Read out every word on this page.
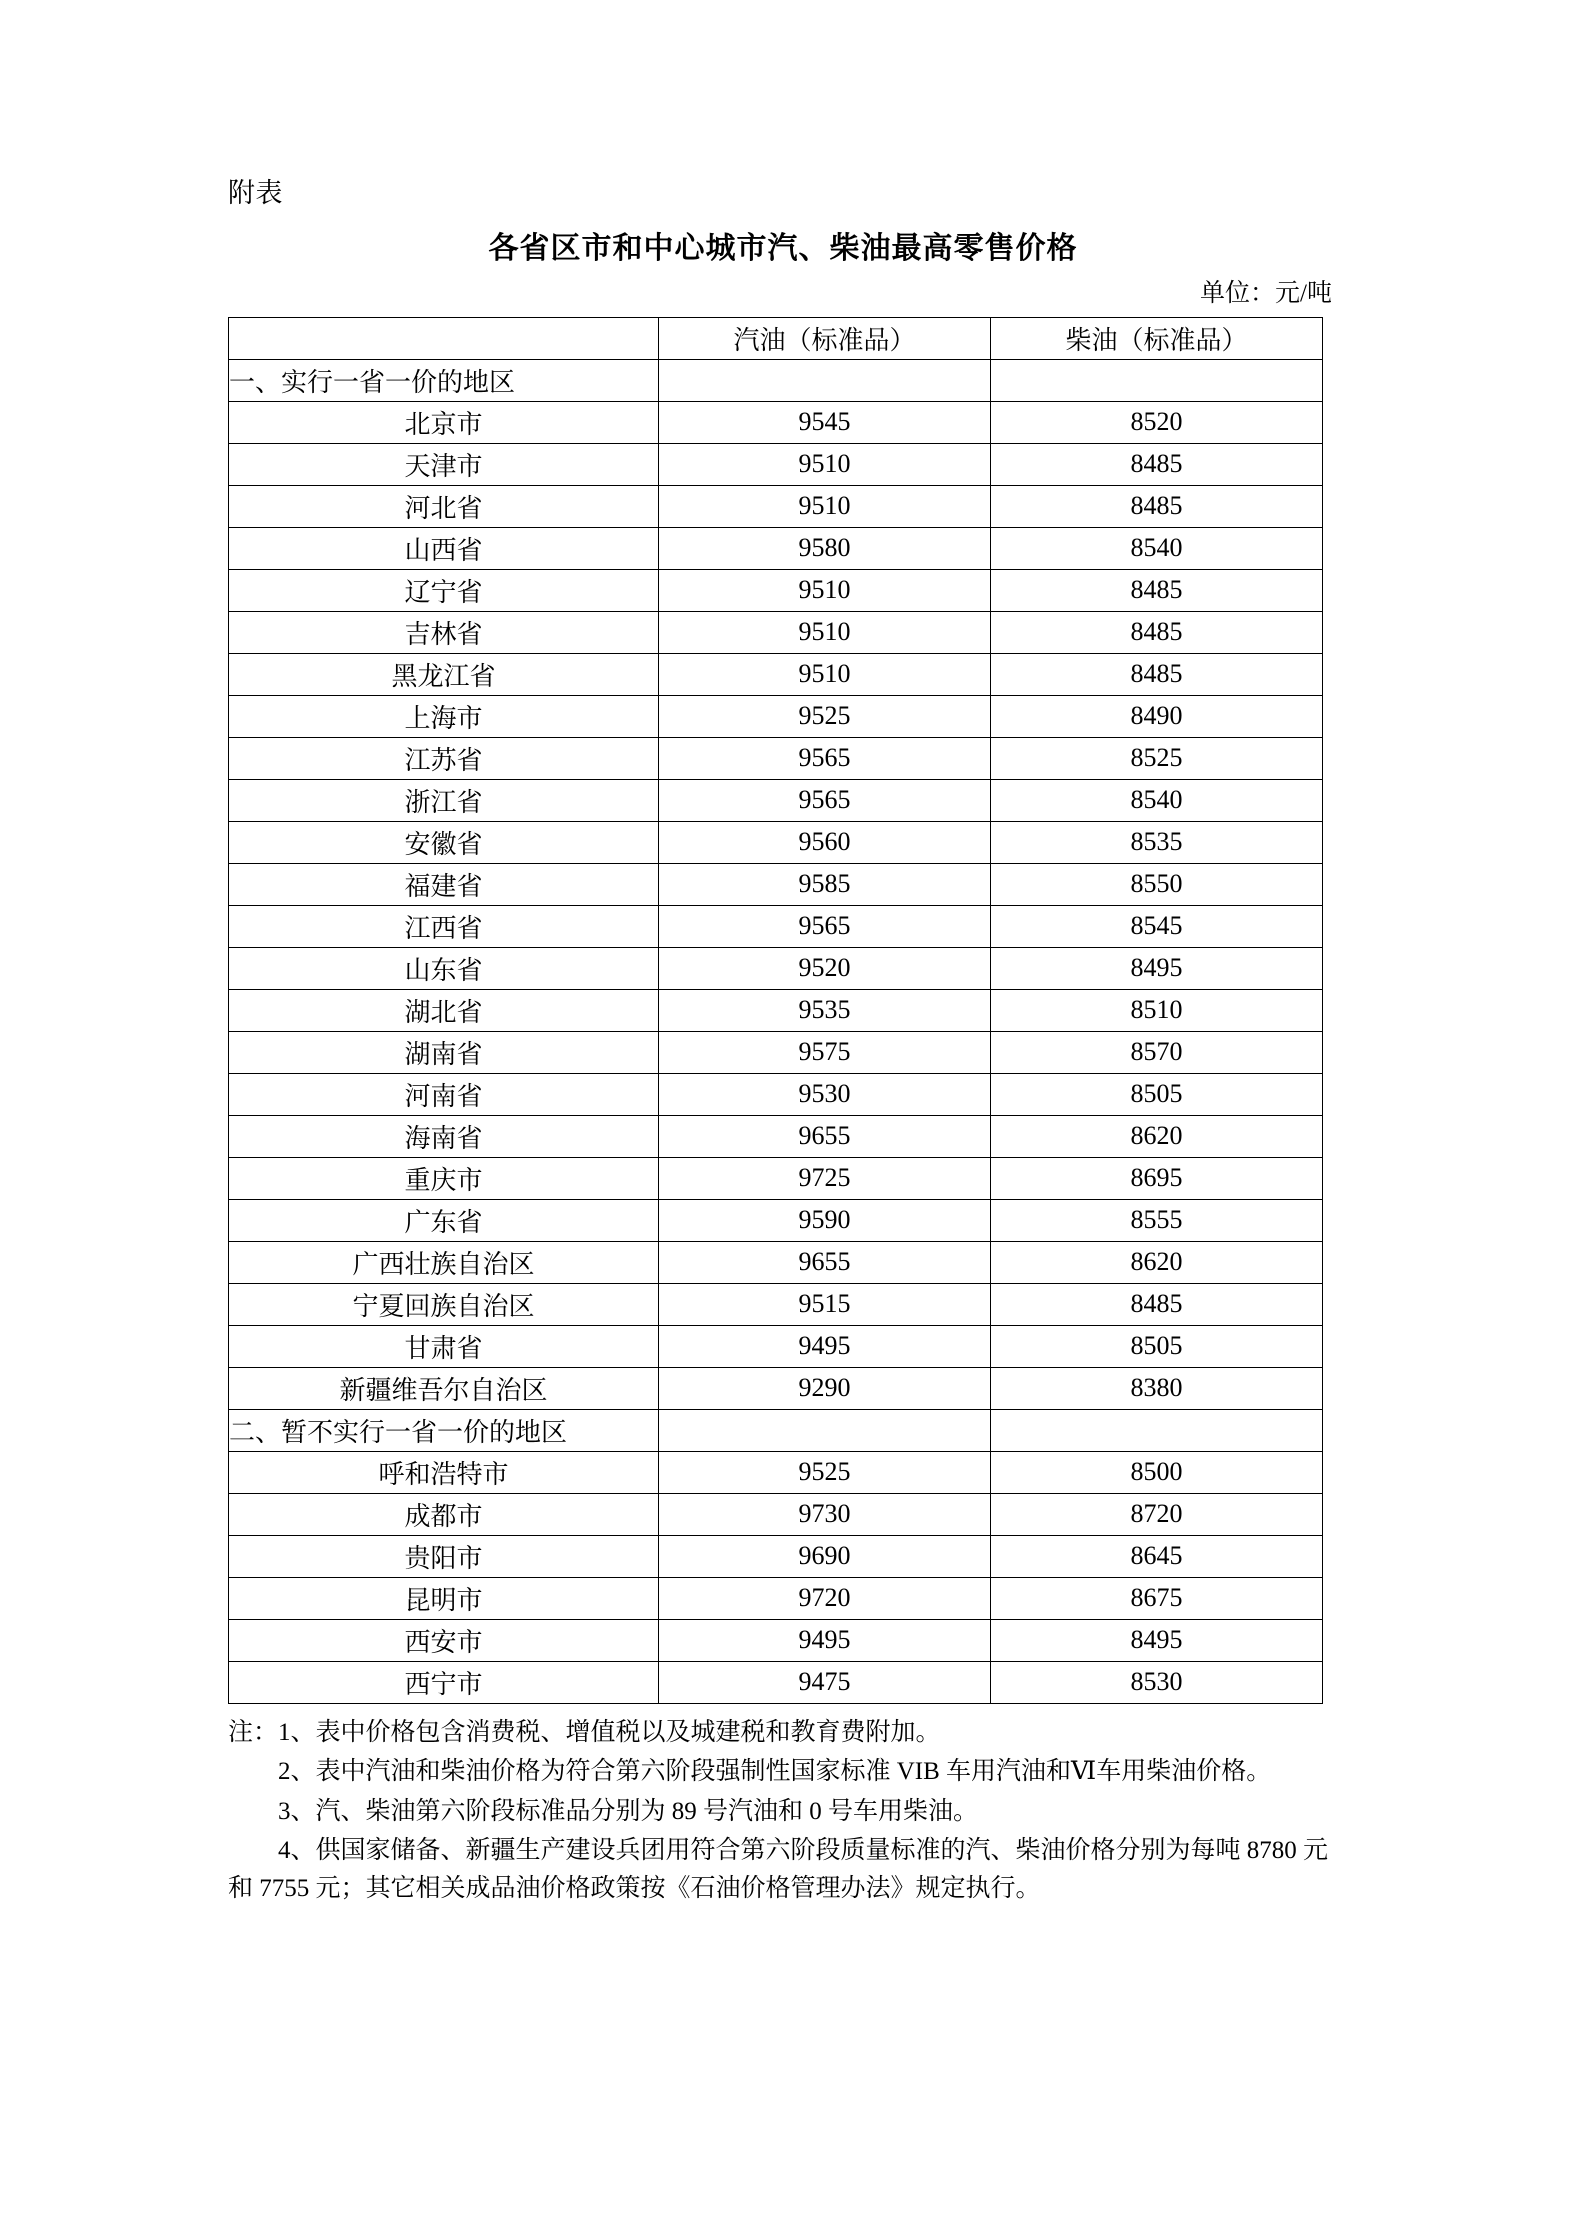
附表
各省区市和中心城市汽、柴油最高零售价格
单位：元/吨
	汽油（标准品）	柴油（标准品）
一、实行一省一价的地区		
北京市	9545	8520
天津市	9510	8485
河北省	9510	8485
山西省	9580	8540
辽宁省	9510	8485
吉林省	9510	8485
黑龙江省	9510	8485
上海市	9525	8490
江苏省	9565	8525
浙江省	9565	8540
安徽省	9560	8535
福建省	9585	8550
江西省	9565	8545
山东省	9520	8495
湖北省	9535	8510
湖南省	9575	8570
河南省	9530	8505
海南省	9655	8620
重庆市	9725	8695
广东省	9590	8555
广西壮族自治区	9655	8620
宁夏回族自治区	9515	8485
甘肃省	9495	8505
新疆维吾尔自治区	9290	8380
二、暂不实行一省一价的地区		
呼和浩特市	9525	8500
成都市	9730	8720
贵阳市	9690	8645
昆明市	9720	8675
西安市	9495	8495
西宁市	9475	8530

注：1、表中价格包含消费税、增值税以及城建税和教育费附加。

2、表中汽油和柴油价格为符合第六阶段强制性国家标准 VIB 车用汽油和Ⅵ车用柴油价格。

3、汽、柴油第六阶段标准品分别为 89 号汽油和 0 号车用柴油。

4、供国家储备、新疆生产建设兵团用符合第六阶段质量标准的汽、柴油价格分别为每吨 8780 元和 7755 元；其它相关成品油价格政策按《石油价格管理办法》规定执行。
